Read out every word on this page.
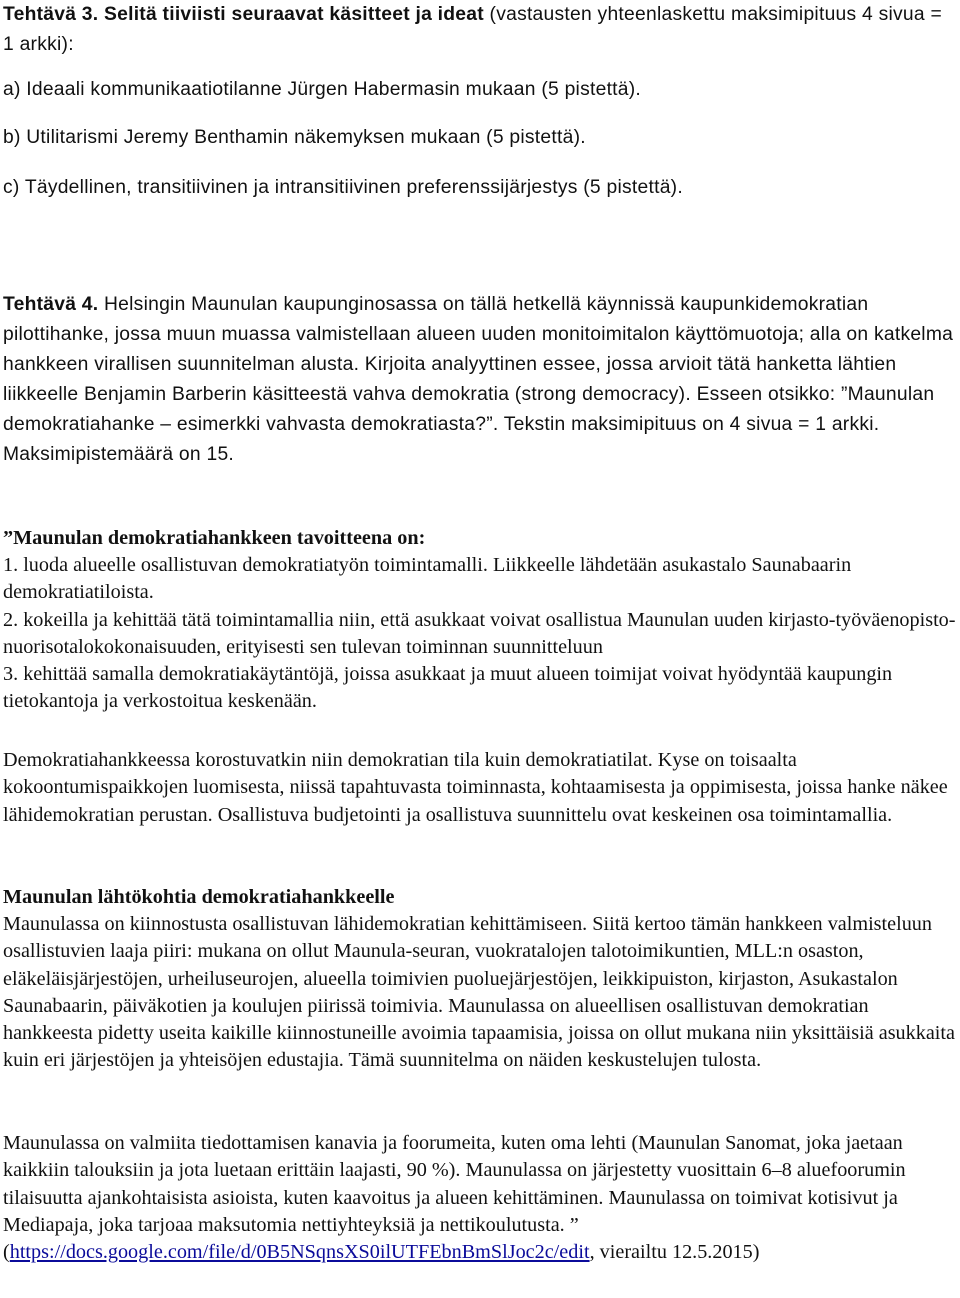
Tehtävä 3. Selitä tiiviisti seuraavat käsitteet ja ideat (vastausten yhteenlaskettu maksimipituus 4 sivua = 1 arkki):

a) Ideaali kommunikaatiotilanne Jürgen Habermasin mukaan (5 pistettä).

b) Utilitarismi Jeremy Benthamin näkemyksen mukaan (5 pistettä).

c) Täydellinen, transitiivinen ja intransitiivinen preferenssijärjestys (5 pistettä).

Tehtävä 4. Helsingin Maunulan kaupunginosassa on tällä hetkellä käynnissä kaupunkidemokratian pilottihanke, jossa muun muassa valmistellaan alueen uuden monitoimitalon käyttömuotoja; alla on katkelma hankkeen virallisen suunnitelman alusta. Kirjoita analyyttinen essee, jossa arvioit tätä hanketta lähtien liikkeelle Benjamin Barberin käsitteestä vahva demokratia (strong democracy). Esseen otsikko: ”Maunulan demokratiahanke – esimerkki vahvasta demokratiasta?”. Tekstin maksimipituus on 4 sivua = 1 arkki. Maksimipistemäärä on 15.

”Maunulan demokratiahankkeen tavoitteena on:

1. luoda alueelle osallistuvan demokratiatyön toimintamalli. Liikkeelle lähdetään asukastalo Saunabaarin demokratiatiloista.

2. kokeilla ja kehittää tätä toimintamallia niin, että asukkaat voivat osallistua Maunulan uuden kirjasto-työväenopisto-nuorisotalokokonaisuuden, erityisesti sen tulevan toiminnan suunnitteluun

3. kehittää samalla demokratiakäytäntöjä, joissa asukkaat ja muut alueen toimijat voivat hyödyntää kaupungin tietokantoja ja verkostoitua keskenään.

Demokratiahankkeessa korostuvatkin niin demokratian tila kuin demokratiatilat. Kyse on toisaalta kokoontumispaikkojen luomisesta, niissä tapahtuvasta toiminnasta, kohtaamisesta ja oppimisesta, joissa hanke näkee lähidemokratian perustan. Osallistuva budjetointi ja osallistuva suunnittelu ovat keskeinen osa toimintamallia.

Maunulan lähtökohtia demokratiahankkeelle

Maunulassa on kiinnostusta osallistuvan lähidemokratian kehittämiseen. Siitä kertoo tämän hankkeen valmisteluun osallistuvien laaja piiri: mukana on ollut Maunula-seuran, vuokratalojen talotoimikuntien, MLL:n osaston, eläkeläisjärjestöjen, urheiluseurojen, alueella toimivien puoluejärjestöjen, leikkipuiston, kirjaston, Asukastalon Saunabaarin, päiväkotien ja koulujen piirissä toimivia. Maunulassa on alueellisen osallistuvan demokratian hankkeesta pidetty useita kaikille kiinnostuneille avoimia tapaamisia, joissa on ollut mukana niin yksittäisiä asukkaita kuin eri järjestöjen ja yhteisöjen edustajia. Tämä suunnitelma on näiden keskustelujen tulosta.

Maunulassa on valmiita tiedottamisen kanavia ja foorumeita, kuten oma lehti (Maunulan Sanomat, joka jaetaan kaikkiin talouksiin ja jota luetaan erittäin laajasti, 90 %). Maunulassa on järjestetty vuosittain 6–8 aluefoorumin tilaisuutta ajankohtaisista asioista, kuten kaavoitus ja alueen kehittäminen. Maunulassa on toimivat kotisivut ja Mediapaja, joka tarjoaa maksutomia nettiyhteyksiä ja nettikoulutusta. ”

(https://docs.google.com/file/d/0B5NSqnsXS0ilUTFEbnBmSlJoc2c/edit, vierailtu 12.5.2015)
